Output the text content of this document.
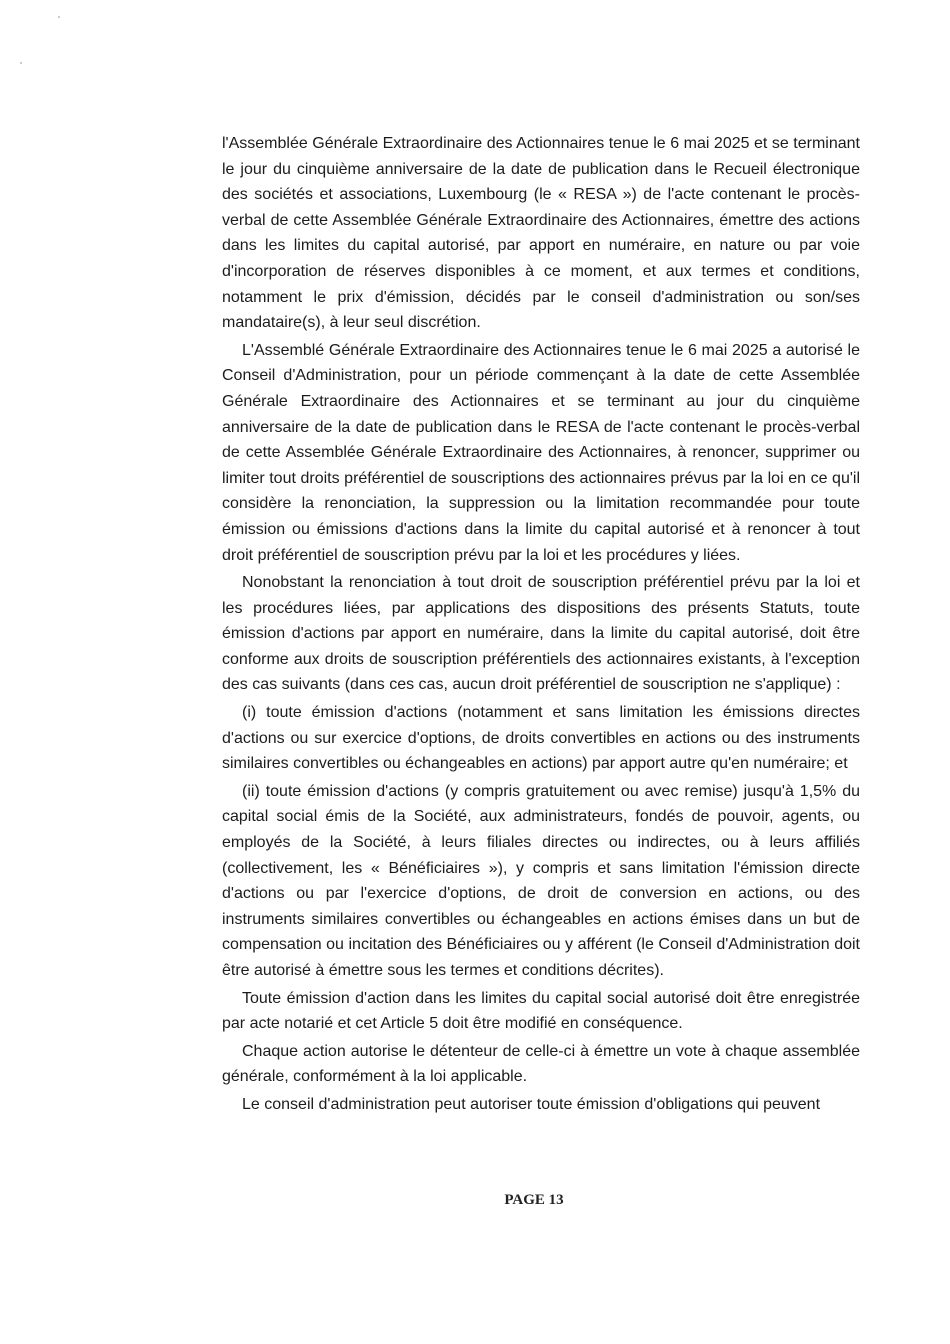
l'Assemblée Générale Extraordinaire des Actionnaires tenue le 6 mai 2025 et se terminant le jour du cinquième anniversaire de la date de publication dans le Recueil électronique des sociétés et associations, Luxembourg (le « RESA ») de l'acte contenant le procès-verbal de cette Assemblée Générale Extraordinaire des Actionnaires, émettre des actions dans les limites du capital autorisé, par apport en numéraire, en nature ou par voie d'incorporation de réserves disponibles à ce moment, et aux termes et conditions, notamment le prix d'émission, décidés par le conseil d'administration ou son/ses mandataire(s), à leur seul discrétion.

L'Assemblé Générale Extraordinaire des Actionnaires tenue le 6 mai 2025 a autorisé le Conseil d'Administration, pour un période commençant à la date de cette Assemblée Générale Extraordinaire des Actionnaires et se terminant au jour du cinquième anniversaire de la date de publication dans le RESA de l'acte contenant le procès-verbal de cette Assemblée Générale Extraordinaire des Actionnaires, à renoncer, supprimer ou limiter tout droits préférentiel de souscriptions des actionnaires prévus par la loi en ce qu'il considère la renonciation, la suppression ou la limitation recommandée pour toute émission ou émissions d'actions dans la limite du capital autorisé et à renoncer à tout droit préférentiel de souscription prévu par la loi et les procédures y liées.

Nonobstant la renonciation à tout droit de souscription préférentiel prévu par la loi et les procédures liées, par applications des dispositions des présents Statuts, toute émission d'actions par apport en numéraire, dans la limite du capital autorisé, doit être conforme aux droits de souscription préférentiels des actionnaires existants, à l'exception des cas suivants (dans ces cas, aucun droit préférentiel de souscription ne s'applique) :

(i) toute émission d'actions (notamment et sans limitation les émissions directes d'actions ou sur exercice d'options, de droits convertibles en actions ou des instruments similaires convertibles ou échangeables en actions) par apport autre qu'en numéraire; et

(ii) toute émission d'actions (y compris gratuitement ou avec remise) jusqu'à 1,5% du capital social émis de la Société, aux administrateurs, fondés de pouvoir, agents, ou employés de la Société, à leurs filiales directes ou indirectes, ou à leurs affiliés (collectivement, les « Bénéficiaires »), y compris et sans limitation l'émission directe d'actions ou par l'exercice d'options, de droit de conversion en actions, ou des instruments similaires convertibles ou échangeables en actions émises dans un but de compensation ou incitation des Bénéficiaires ou y afférent (le Conseil d'Administration doit être autorisé à émettre sous les termes et conditions décrites).

Toute émission d'action dans les limites du capital social autorisé doit être enregistrée par acte notarié et cet Article 5 doit être modifié en conséquence.

Chaque action autorise le détenteur de celle-ci à émettre un vote à chaque assemblée générale, conformément à la loi applicable.

Le conseil d'administration peut autoriser toute émission d'obligations qui peuvent

PAGE 13
